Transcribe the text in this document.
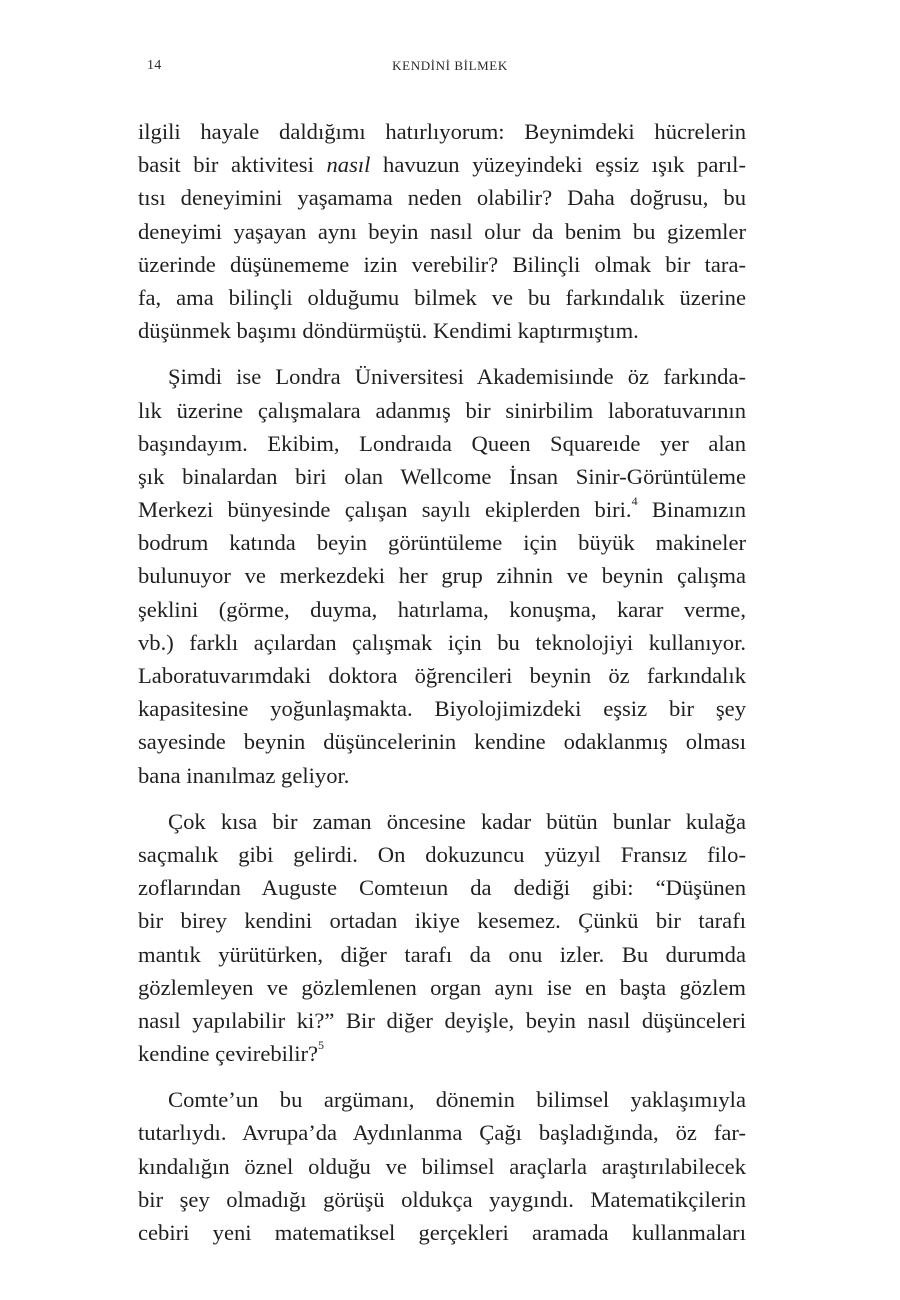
14	KENDİNİ BİLMEK
ilgili hayale daldığımı hatırlıyorum: Beynimdeki hücrelerin
basit bir aktivitesi nasıl havuzun yüzeyindeki eşsiz ışık parıl-
tısı deneyimini yaşamama neden olabilir? Daha doğrusu, bu
deneyimi yaşayan aynı beyin nasıl olur da benim bu gizemler
üzerinde düşünememe izin verebilir? Bilinçli olmak bir tara-
fa, ama bilinçli olduğumu bilmek ve bu farkındalık üzerine
düşünmek başımı döndürmüştü. Kendimi kaptırmıştım.
Şimdi ise Londra Üniversitesi Akademisiınde öz farkında-
lık üzerine çalışmalara adanmış bir sinirbilim laboratuvarının
başındayım. Ekibim, Londraıda Queen Squareıde yer alan
şık binalardan biri olan Wellcome İnsan Sinir-Görüntüleme
Merkezi bünyesinde çalışan sayılı ekiplerden biri.$^4$ Binamızın
bodrum katında beyin görüntüleme için büyük makineler
bulunuyor ve merkezdeki her grup zihnin ve beynin çalışma
şeklini (görme, duyma, hatırlama, konuşma, karar verme,
vb.) farklı açılardan çalışmak için bu teknolojiyi kullanıyor.
Laboratuvarımdaki doktora öğrencileri beynin öz farkındalık
kapasitesine yoğunlaşmakta. Biyolojimizdeki eşsiz bir şey
sayesinde beynin düşüncelerinin kendine odaklanmış olması
bana inanılmaz geliyor.
Çok kısa bir zaman öncesine kadar bütün bunlar kulağa
saçmalık gibi gelirdi. On dokuzuncu yüzyıl Fransız filo-
zoflarından Auguste Comteıun da dediği gibi: “Düşünen
bir birey kendini ortadan ikiye kesemez. Çünkü bir tarafı
mantık yürütürken, diğer tarafı da onu izler. Bu durumda
gözlemleyen ve gözlemlenen organ aynı ise en başta gözlem
nasıl yapılabilir ki?” Bir diğer deyişle, beyin nasıl düşünceleri
kendine çevirebilir?$^5$
Comte’un bu argümanı, dönemin bilimsel yaklaşımıyla
tutarlıydı. Avrupa’da Aydınlanma Çağı başladığında, öz far-
kındalığın öznel olduğu ve bilimsel araçlarla araştırılabilecek
bir şey olmadığı görüşü oldukça yaygındı. Matematikçilerin
cebiri yeni matematiksel gerçekleri aramada kullanmaları
